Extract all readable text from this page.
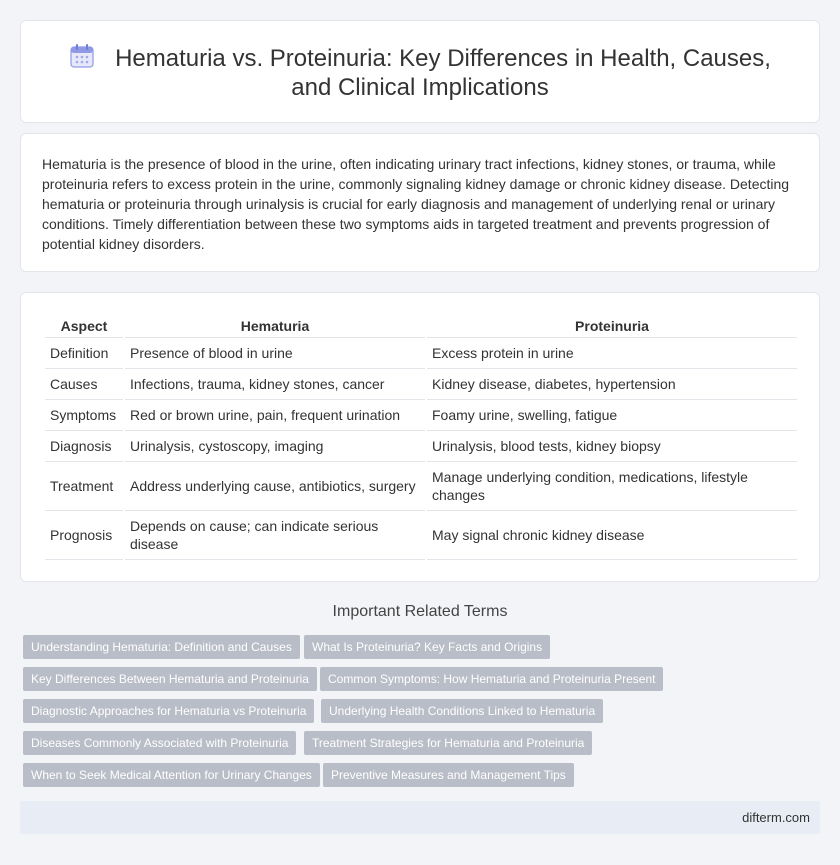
Hematuria vs. Proteinuria: Key Differences in Health, Causes, and Clinical Implications

Hematuria is the presence of blood in the urine, often indicating urinary tract infections, kidney stones, or trauma, while proteinuria refers to excess protein in the urine, commonly signaling kidney damage or chronic kidney disease. Detecting hematuria or proteinuria through urinalysis is crucial for early diagnosis and management of underlying renal or urinary conditions. Timely differentiation between these two symptoms aids in targeted treatment and prevents progression of potential kidney disorders.

Aspect	Hematuria	Proteinuria
Definition	Presence of blood in urine	Excess protein in urine
Causes	Infections, trauma, kidney stones, cancer	Kidney disease, diabetes, hypertension
Symptoms	Red or brown urine, pain, frequent urination	Foamy urine, swelling, fatigue
Diagnosis	Urinalysis, cystoscopy, imaging	Urinalysis, blood tests, kidney biopsy
Treatment	Address underlying cause, antibiotics, surgery	Manage underlying condition, medications, lifestyle changes
Prognosis	Depends on cause; can indicate serious disease	May signal chronic kidney disease
Important Related Terms
Understanding Hematuria: Definition and Causes	What Is Proteinuria? Key Facts and Origins
Key Differences Between Hematuria and Proteinuria	Common Symptoms: How Hematuria and Proteinuria Present
Diagnostic Approaches for Hematuria vs Proteinuria	Underlying Health Conditions Linked to Hematuria
Diseases Commonly Associated with Proteinuria	Treatment Strategies for Hematuria and Proteinuria
When to Seek Medical Attention for Urinary Changes	Preventive Measures and Management Tips
difterm.com
